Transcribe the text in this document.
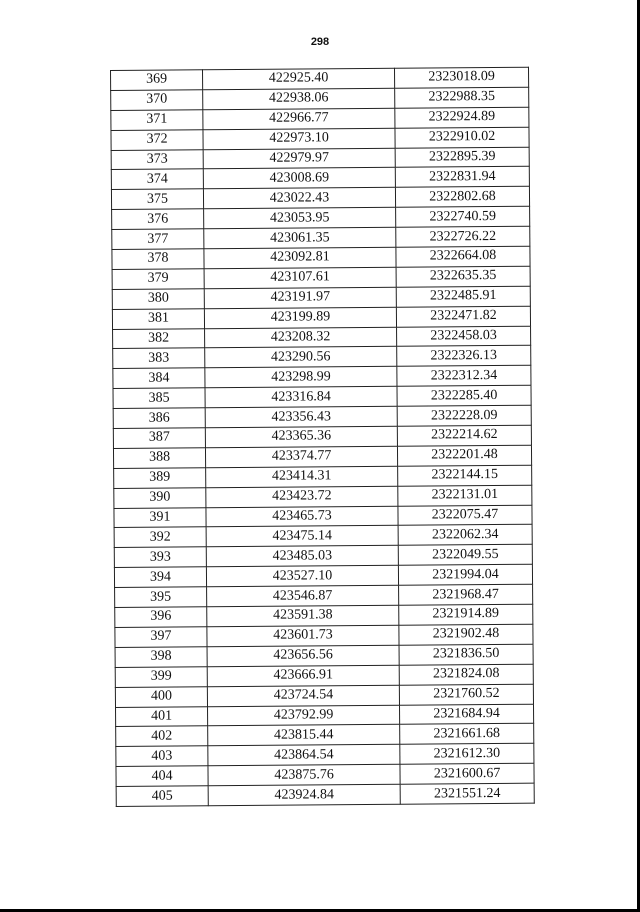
298
369	422925.40	2323018.09
370	422938.06	2322988.35
371	422966.77	2322924.89
372	422973.10	2322910.02
373	422979.97	2322895.39
374	423008.69	2322831.94
375	423022.43	2322802.68
376	423053.95	2322740.59
377	423061.35	2322726.22
378	423092.81	2322664.08
379	423107.61	2322635.35
380	423191.97	2322485.91
381	423199.89	2322471.82
382	423208.32	2322458.03
383	423290.56	2322326.13
384	423298.99	2322312.34
385	423316.84	2322285.40
386	423356.43	2322228.09
387	423365.36	2322214.62
388	423374.77	2322201.48
389	423414.31	2322144.15
390	423423.72	2322131.01
391	423465.73	2322075.47
392	423475.14	2322062.34
393	423485.03	2322049.55
394	423527.10	2321994.04
395	423546.87	2321968.47
396	423591.38	2321914.89
397	423601.73	2321902.48
398	423656.56	2321836.50
399	423666.91	2321824.08
400	423724.54	2321760.52
401	423792.99	2321684.94
402	423815.44	2321661.68
403	423864.54	2321612.30
404	423875.76	2321600.67
405	423924.84	2321551.24
